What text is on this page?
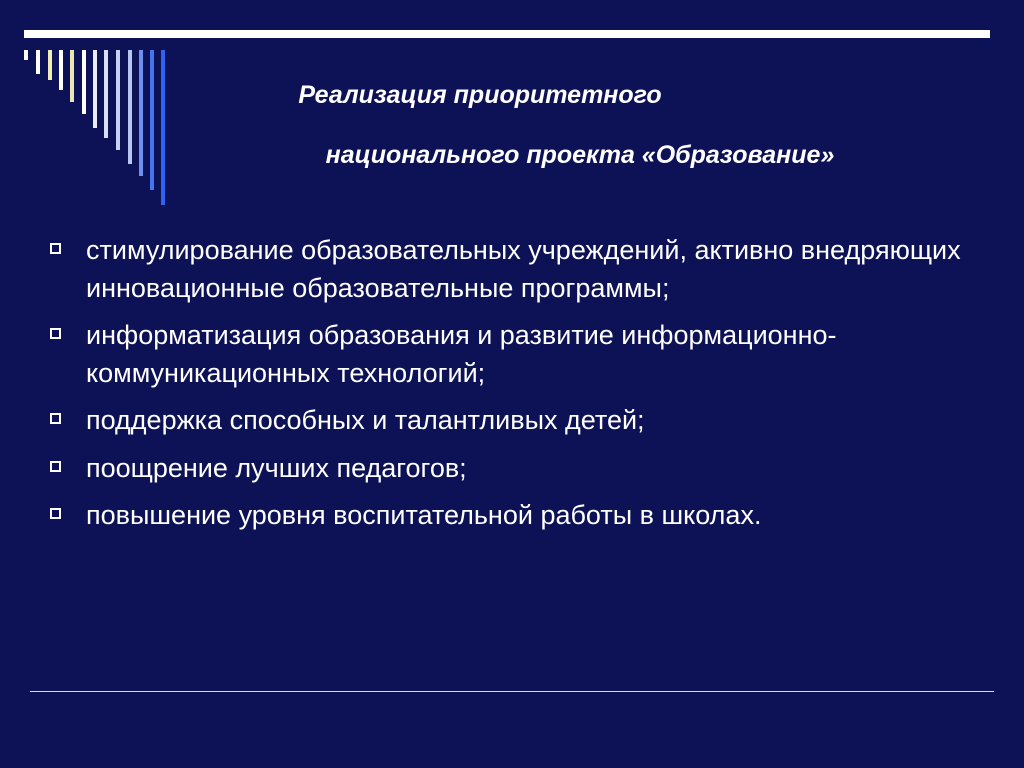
Реализация приоритетного

национального проекта «Образование»

стимулирование образовательных учреждений, активно внедряющих инновационные образовательные программы;
информатизация образования и развитие информационно-коммуникационных технологий;
поддержка способных и талантливых детей;
поощрение лучших педагогов;
повышение уровня воспитательной работы в школах.
